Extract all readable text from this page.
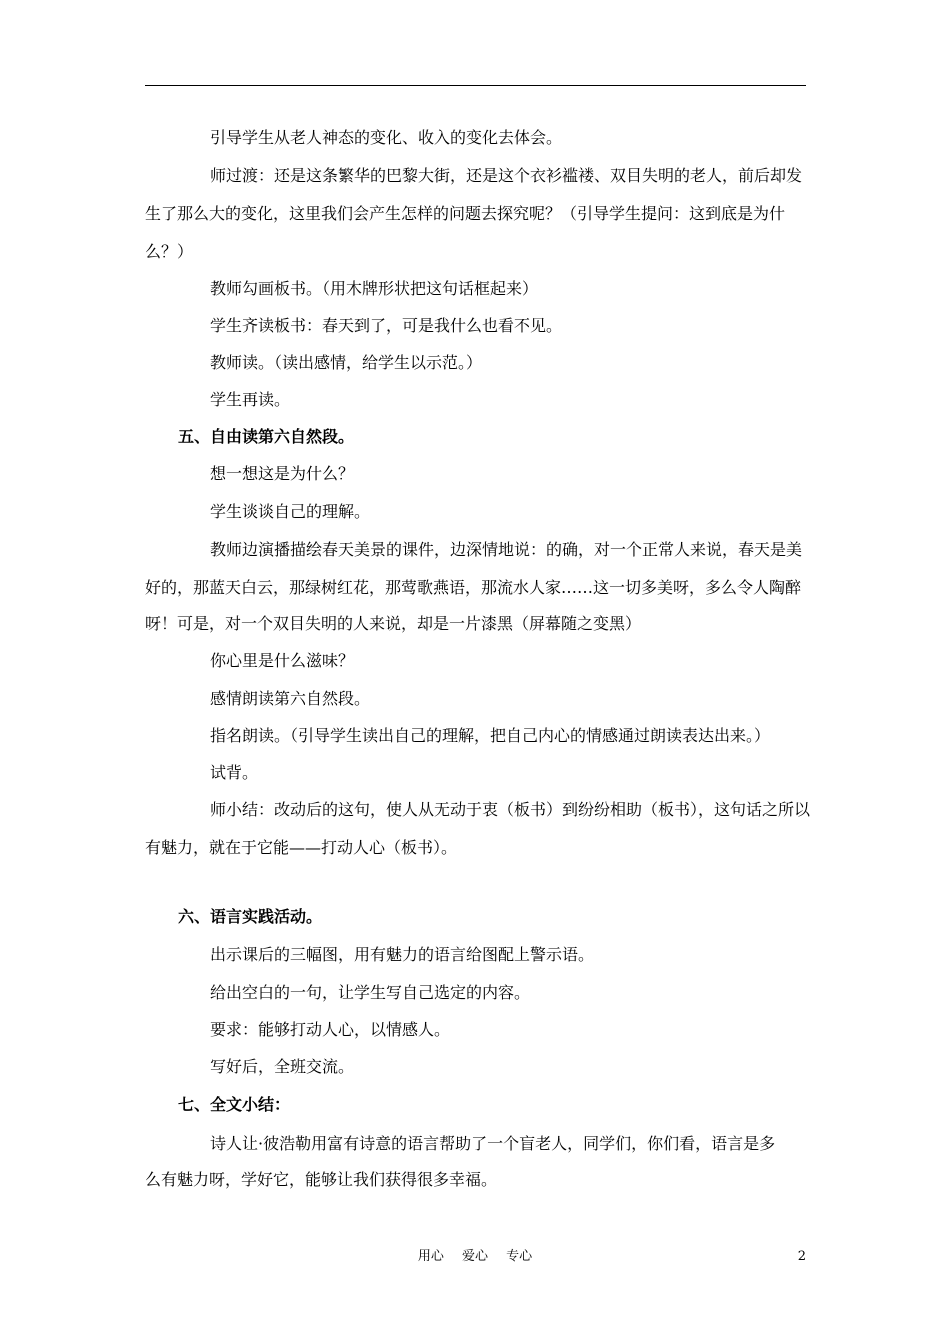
引导学生从老人神态的变化、收入的变化去体会。
师过渡：还是这条繁华的巴黎大街，还是这个衣衫褴褛、双目失明的老人，前后却发
生了那么大的变化，这里我们会产生怎样的问题去探究呢？（引导学生提问：这到底是为什
么？）
教师勾画板书。（用木牌形状把这句话框起来）
学生齐读板书：春天到了，可是我什么也看不见。
教师读。（读出感情，给学生以示范。）
学生再读。
五、自由读第六自然段。
想一想这是为什么？
学生谈谈自己的理解。
教师边演播描绘春天美景的课件，边深情地说：的确，对一个正常人来说，春天是美
好的，那蓝天白云，那绿树红花，那莺歌燕语，那流水人家……这一切多美呀，多么令人陶醉
呀！可是，对一个双目失明的人来说，却是一片漆黑（屏幕随之变黑）
你心里是什么滋味？
感情朗读第六自然段。
指名朗读。（引导学生读出自己的理解，把自己内心的情感通过朗读表达出来。）
试背。
师小结：改动后的这句，使人从无动于衷（板书）到纷纷相助（板书），这句话之所以
有魅力，就在于它能——打动人心（板书）。
六、语言实践活动。
出示课后的三幅图，用有魅力的语言给图配上警示语。
给出空白的一句，让学生写自己选定的内容。
要求：能够打动人心，以情感人。
写好后，全班交流。
七、全文小结：
诗人让·彼浩勒用富有诗意的语言帮助了一个盲老人，同学们，你们看，语言是多
么有魅力呀，学好它，能够让我们获得很多幸福。
用心 爱心 专心	2
